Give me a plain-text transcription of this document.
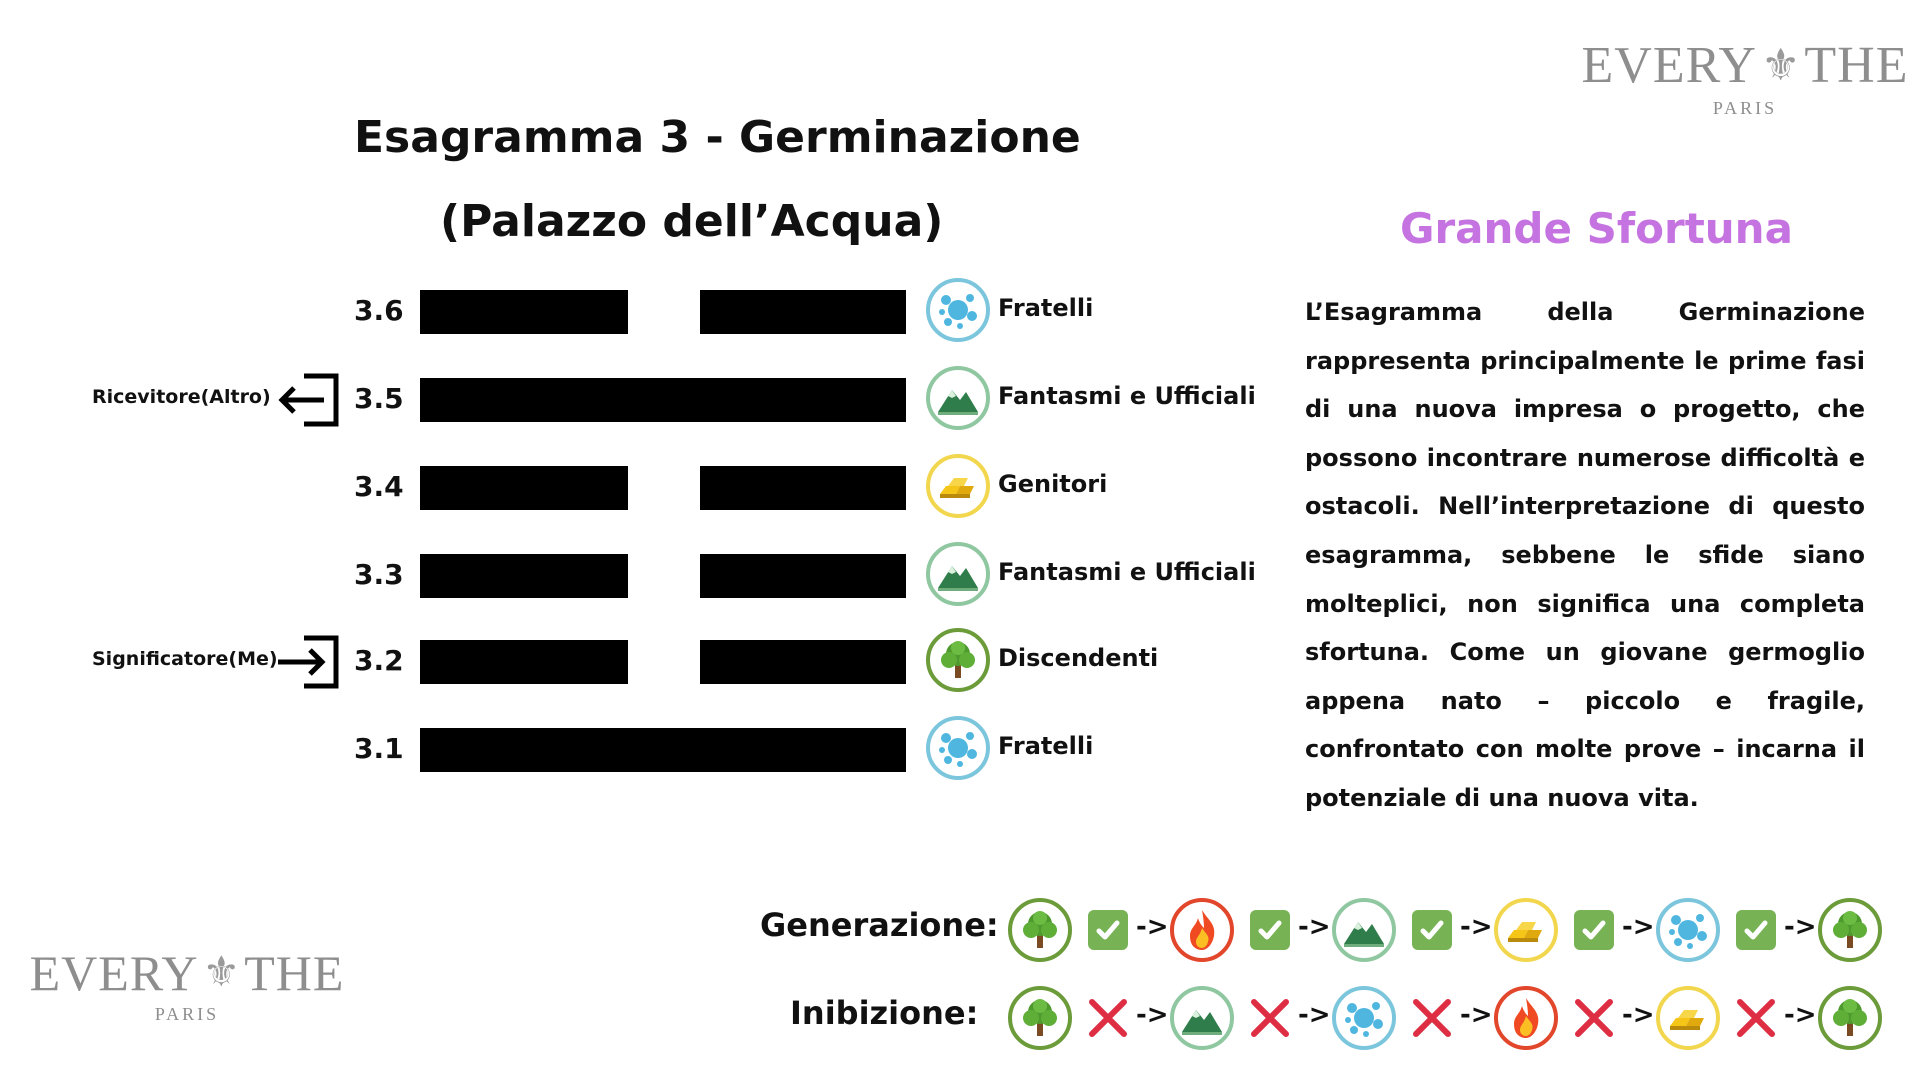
EVERY ⚜ THE
PARIS
EVERY ⚜ THE
PARIS
Esagramma 3 - Germinazione
(Palazzo dell’Acqua)	Grande Sfortuna
3.6	Fratelli
3.5	Fantasmi e Ufficiali
3.4	Genitori
3.3	Fantasmi e Ufficiali
3.2	Discendenti
3.1	Fratelli
Ricevitore(Altro)
Significatore(Me)
L’Esagramma della Germinazione rappresenta principalmente le prime fasi di una nuova impresa o progetto, che possono incontrare numerose difficoltà e ostacoli. Nell’interpretazione di questo esagramma, sebbene le sfide siano molteplici, non significa una completa sfortuna. Come un giovane germoglio appena nato – piccolo e fragile, confrontato con molte prove – incarna il potenziale di una nuova vita.
Generazione:
Inibizione:
->	->	->	->	->
->	->	->	->	->
